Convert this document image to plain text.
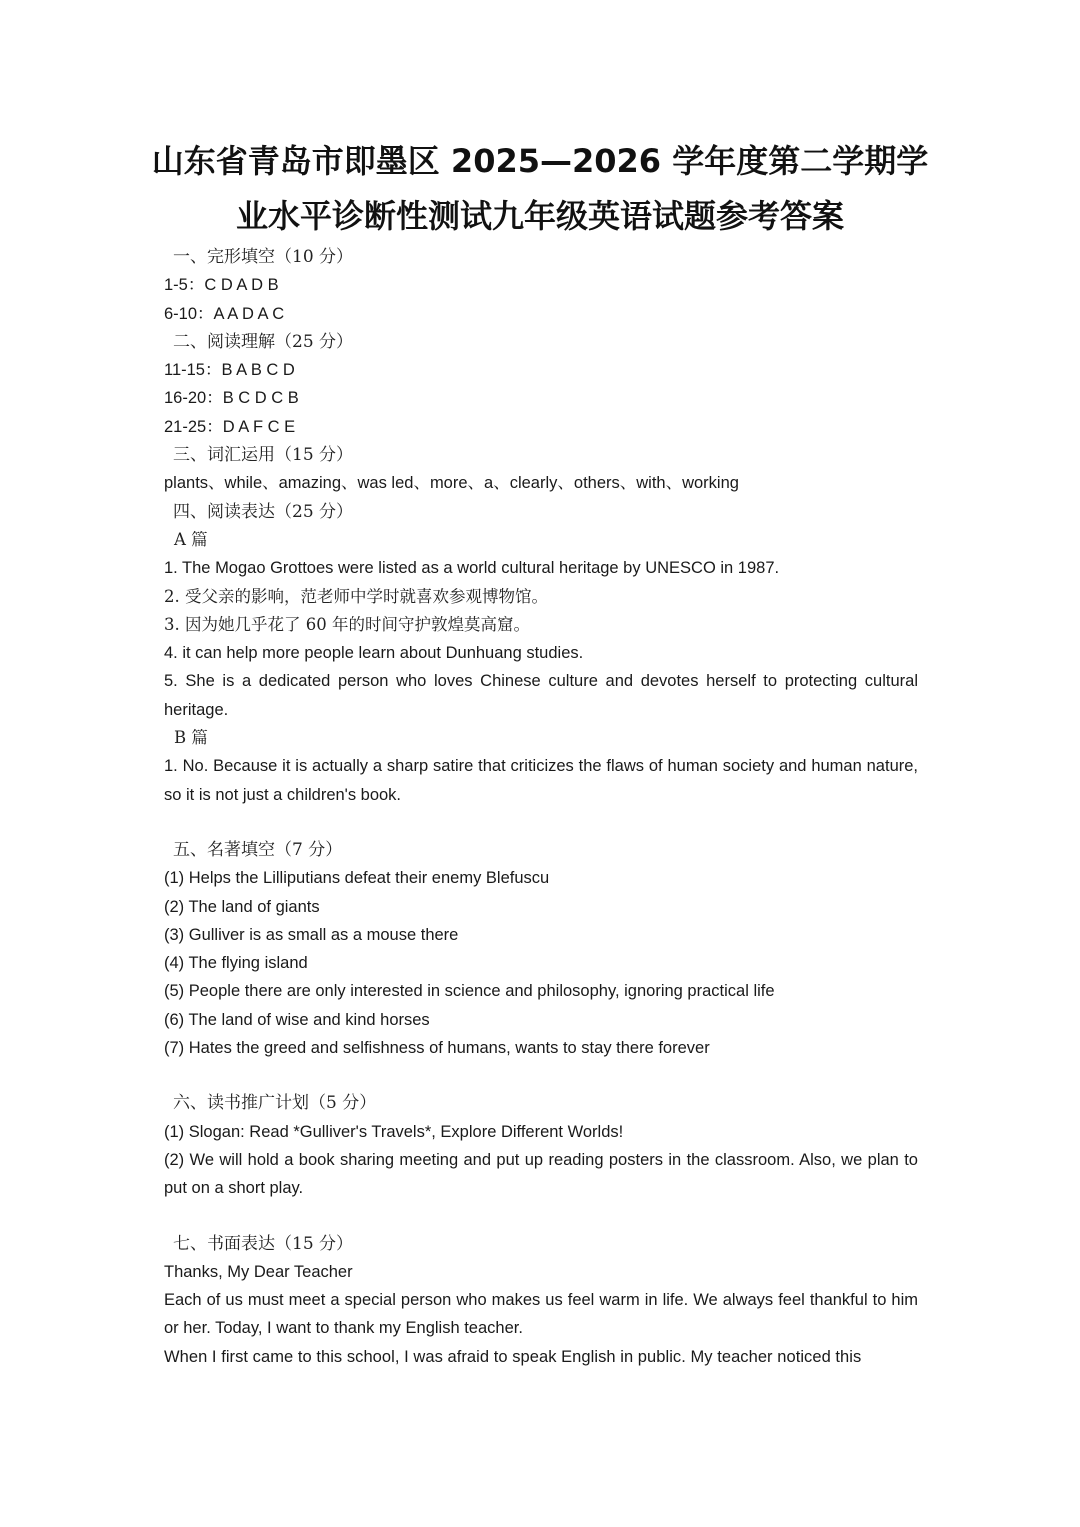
山东省青岛市即墨区 2025—2026 学年度第二学期学
业水平诊断性测试九年级英语试题参考答案
一、完形填空（10 分）
1-5：C D A D B
6-10：A A D A C
二、阅读理解（25 分）
11-15：B A B C D
16-20：B C D C B
21-25：D A F C E
三、词汇运用（15 分）
plants、while、amazing、was led、more、a、clearly、others、with、working
四、阅读表达（25 分）
A 篇
1. The Mogao Grottoes were listed as a world cultural heritage by UNESCO in 1987.
2. 受父亲的影响，范老师中学时就喜欢参观博物馆。
3. 因为她几乎花了 60 年的时间守护敦煌莫高窟。
4. it can help more people learn about Dunhuang studies.
5. She is a dedicated person who loves Chinese culture and devotes herself to protecting cultural heritage.
B 篇
1. No. Because it is actually a sharp satire that criticizes the flaws of human society and human nature, so it is not just a children's book.
五、名著填空（7 分）
(1) Helps the Lilliputians defeat their enemy Blefuscu
(2) The land of giants
(3) Gulliver is as small as a mouse there
(4) The flying island
(5) People there are only interested in science and philosophy, ignoring practical life
(6) The land of wise and kind horses
(7) Hates the greed and selfishness of humans, wants to stay there forever
六、读书推广计划（5 分）
(1) Slogan: Read *Gulliver's Travels*, Explore Different Worlds!
(2) We will hold a book sharing meeting and put up reading posters in the classroom. Also, we plan to put on a short play.
七、书面表达（15 分）
Thanks, My Dear Teacher
Each of us must meet a special person who makes us feel warm in life. We always feel thankful to him or her. Today, I want to thank my English teacher.
When I first came to this school, I was afraid to speak English in public. My teacher noticed this
